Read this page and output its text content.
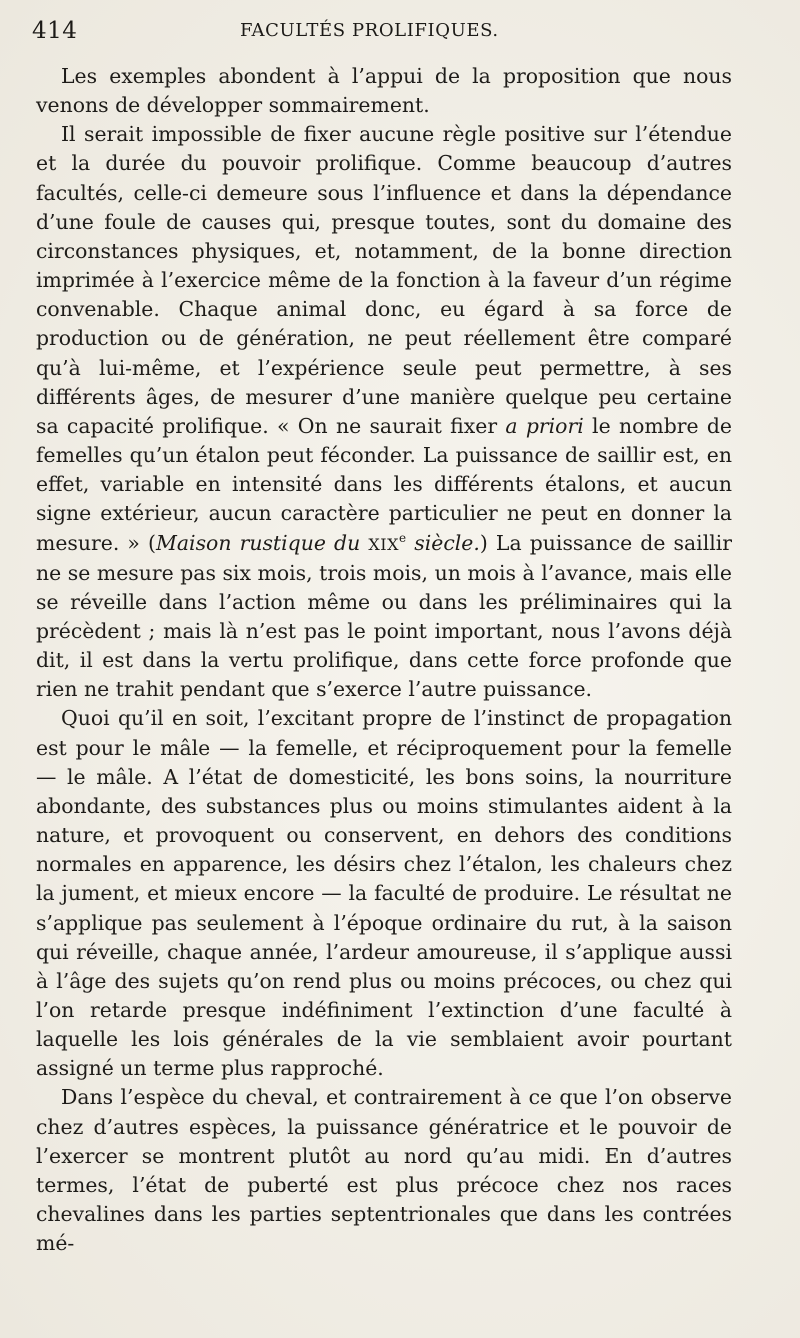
414	FACULTÉS PROLIFIQUES.

Les exemples abondent à l’appui de la proposition que nous venons de développer sommairement.

Il serait impossible de fixer aucune règle positive sur l’étendue et la durée du pouvoir prolifique. Comme beaucoup d’autres facultés, celle-ci demeure sous l’influence et dans la dépendance d’une foule de causes qui, presque toutes, sont du domaine des circonstances physiques, et, notamment, de la bonne direction imprimée à l’exercice même de la fonction à la faveur d’un régime convenable. Chaque animal donc, eu égard à sa force de production ou de génération, ne peut réellement être comparé qu’à lui-même, et l’expérience seule peut permettre, à ses différents âges, de mesurer d’une manière quelque peu certaine sa capacité prolifique. « On ne saurait fixer a priori le nombre de femelles qu’un étalon peut féconder. La puissance de saillir est, en effet, variable en intensité dans les différents étalons, et aucun signe extérieur, aucun caractère particulier ne peut en donner la mesure. » (Maison rustique du XIXe siècle.) La puissance de saillir ne se mesure pas six mois, trois mois, un mois à l’avance, mais elle se réveille dans l’action même ou dans les préliminaires qui la précèdent ; mais là n’est pas le point important, nous l’avons déjà dit, il est dans la vertu prolifique, dans cette force profonde que rien ne trahit pendant que s’exerce l’autre puissance.

Quoi qu’il en soit, l’excitant propre de l’instinct de propagation est pour le mâle — la femelle, et réciproquement pour la femelle — le mâle. A l’état de domesticité, les bons soins, la nourriture abondante, des substances plus ou moins stimulantes aident à la nature, et provoquent ou conservent, en dehors des conditions normales en apparence, les désirs chez l’étalon, les chaleurs chez la jument, et mieux encore — la faculté de produire. Le résultat ne s’applique pas seulement à l’époque ordinaire du rut, à la saison qui réveille, chaque année, l’ardeur amoureuse, il s’applique aussi à l’âge des sujets qu’on rend plus ou moins précoces, ou chez qui l’on retarde presque indéfiniment l’extinction d’une faculté à laquelle les lois générales de la vie semblaient avoir pourtant assigné un terme plus rapproché.

Dans l’espèce du cheval, et contrairement à ce que l’on observe chez d’autres espèces, la puissance génératrice et le pouvoir de l’exercer se montrent plutôt au nord qu’au midi. En d’autres termes, l’état de puberté est plus précoce chez nos races chevalines dans les parties septentrionales que dans les contrées mé-
